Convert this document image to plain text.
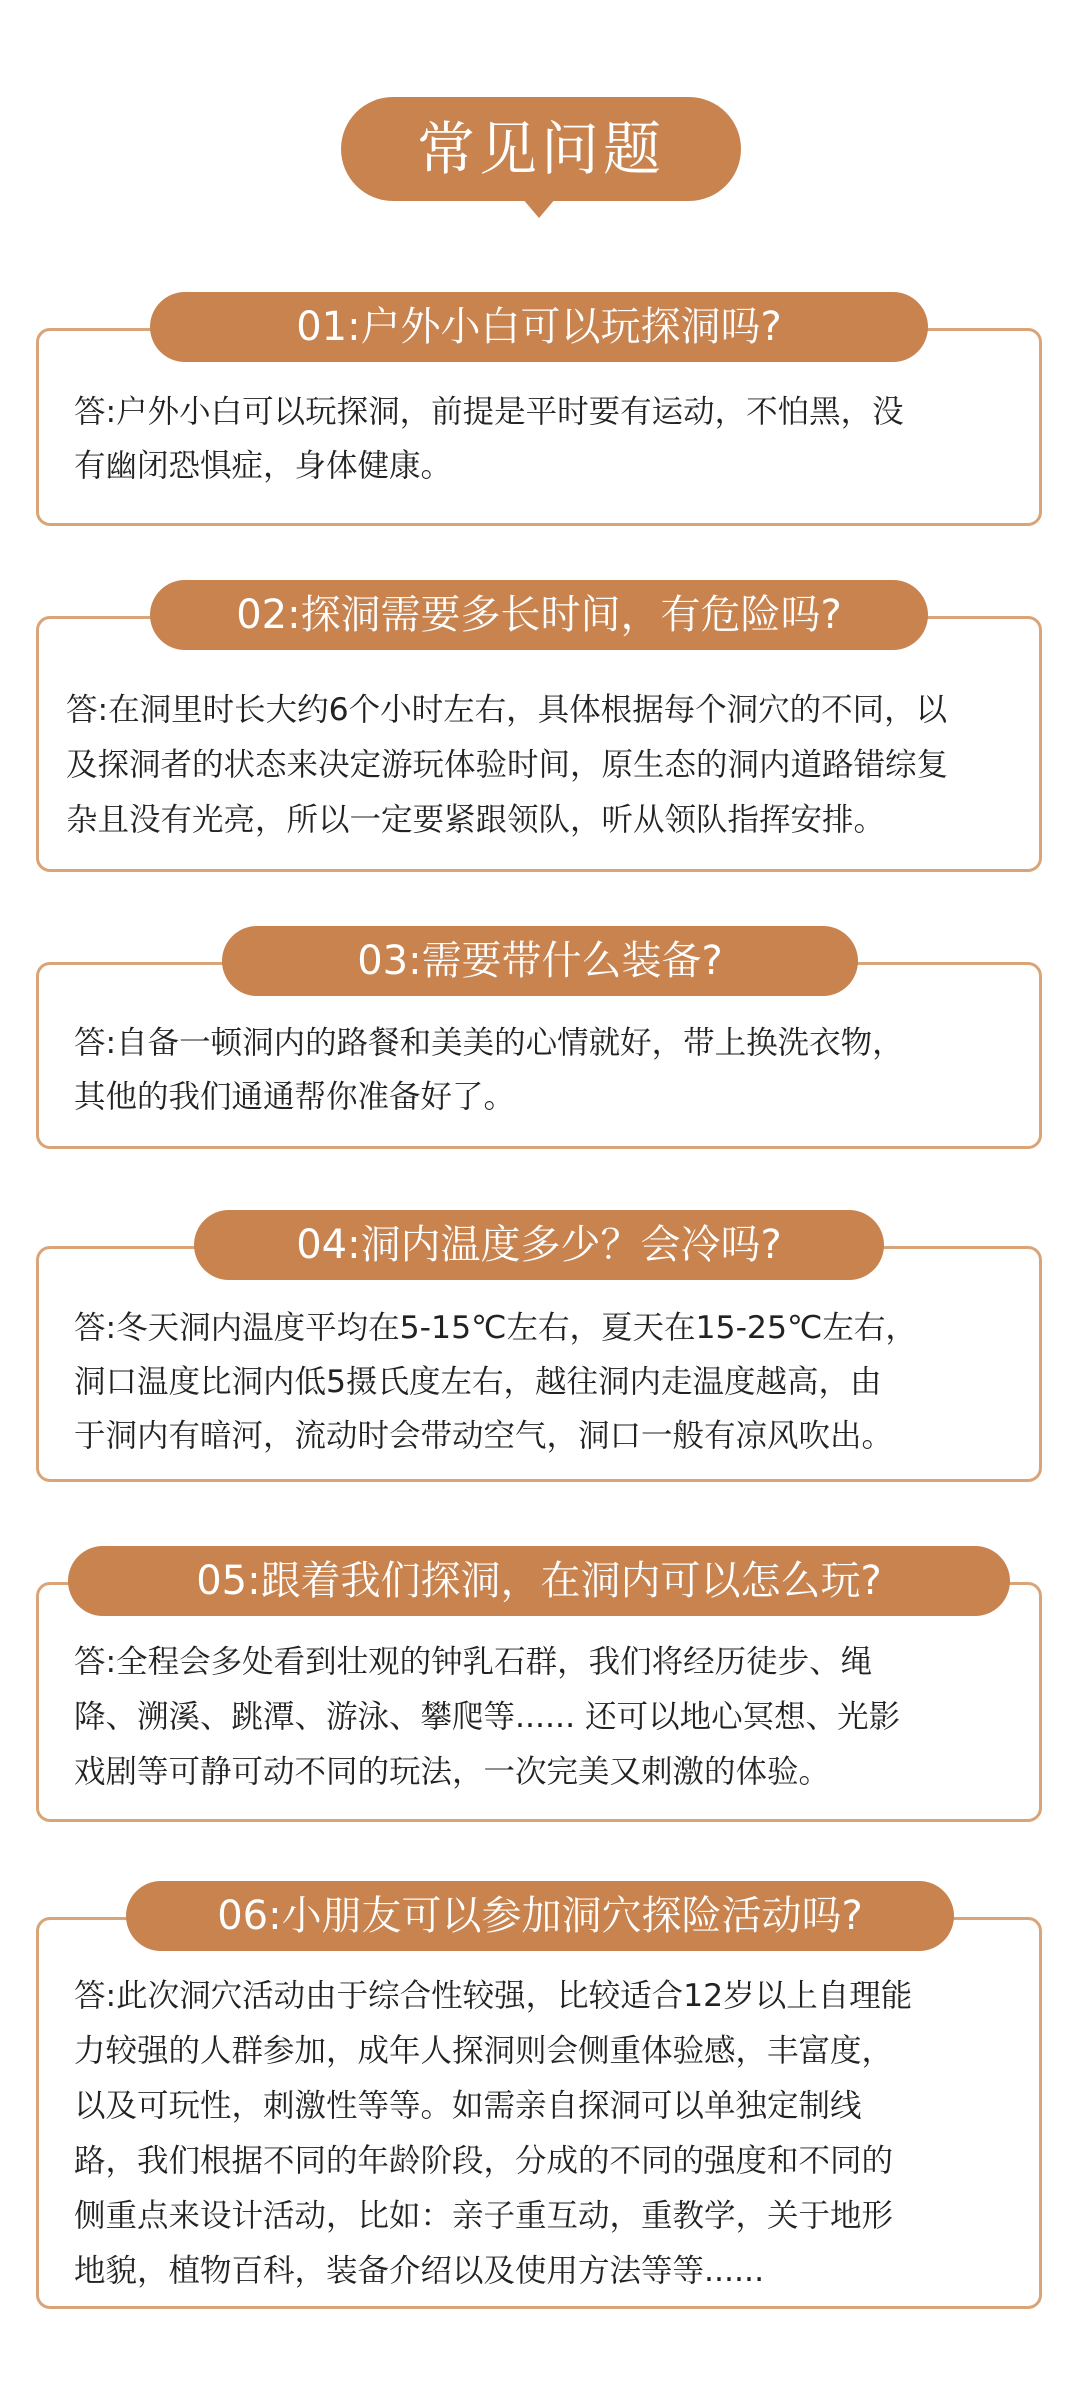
常见问题
01:户外小白可以玩探洞吗?
答:户外小白可以玩探洞，前提是平时要有运动，不怕黑，没
有幽闭恐惧症，身体健康。
02:探洞需要多长时间，有危险吗?
答:在洞里时长大约6个小时左右，具体根据每个洞穴的不同，以
及探洞者的状态来决定游玩体验时间，原生态的洞内道路错综复
杂且没有光亮，所以一定要紧跟领队，听从领队指挥安排。
03:需要带什么装备?
答:自备一顿洞内的路餐和美美的心情就好，带上换洗衣物，
其他的我们通通帮你准备好了。
04:洞内温度多少？会冷吗?
答:冬天洞内温度平均在5-15℃左右，夏天在15-25℃左右，
洞口温度比洞内低5摄氏度左右，越往洞内走温度越高，由
于洞内有暗河，流动时会带动空气，洞口一般有凉风吹出。
05:跟着我们探洞，在洞内可以怎么玩?
答:全程会多处看到壮观的钟乳石群，我们将经历徒步、绳
降、溯溪、跳潭、游泳、攀爬等...... 还可以地心冥想、光影
戏剧等可静可动不同的玩法，一次完美又刺激的体验。
06:小朋友可以参加洞穴探险活动吗?
答:此次洞穴活动由于综合性较强，比较适合12岁以上自理能
力较强的人群参加，成年人探洞则会侧重体验感，丰富度，
以及可玩性，刺激性等等。如需亲自探洞可以单独定制线
路，我们根据不同的年龄阶段，分成的不同的强度和不同的
侧重点来设计活动，比如：亲子重互动，重教学，关于地形
地貌，植物百科，装备介绍以及使用方法等等......
